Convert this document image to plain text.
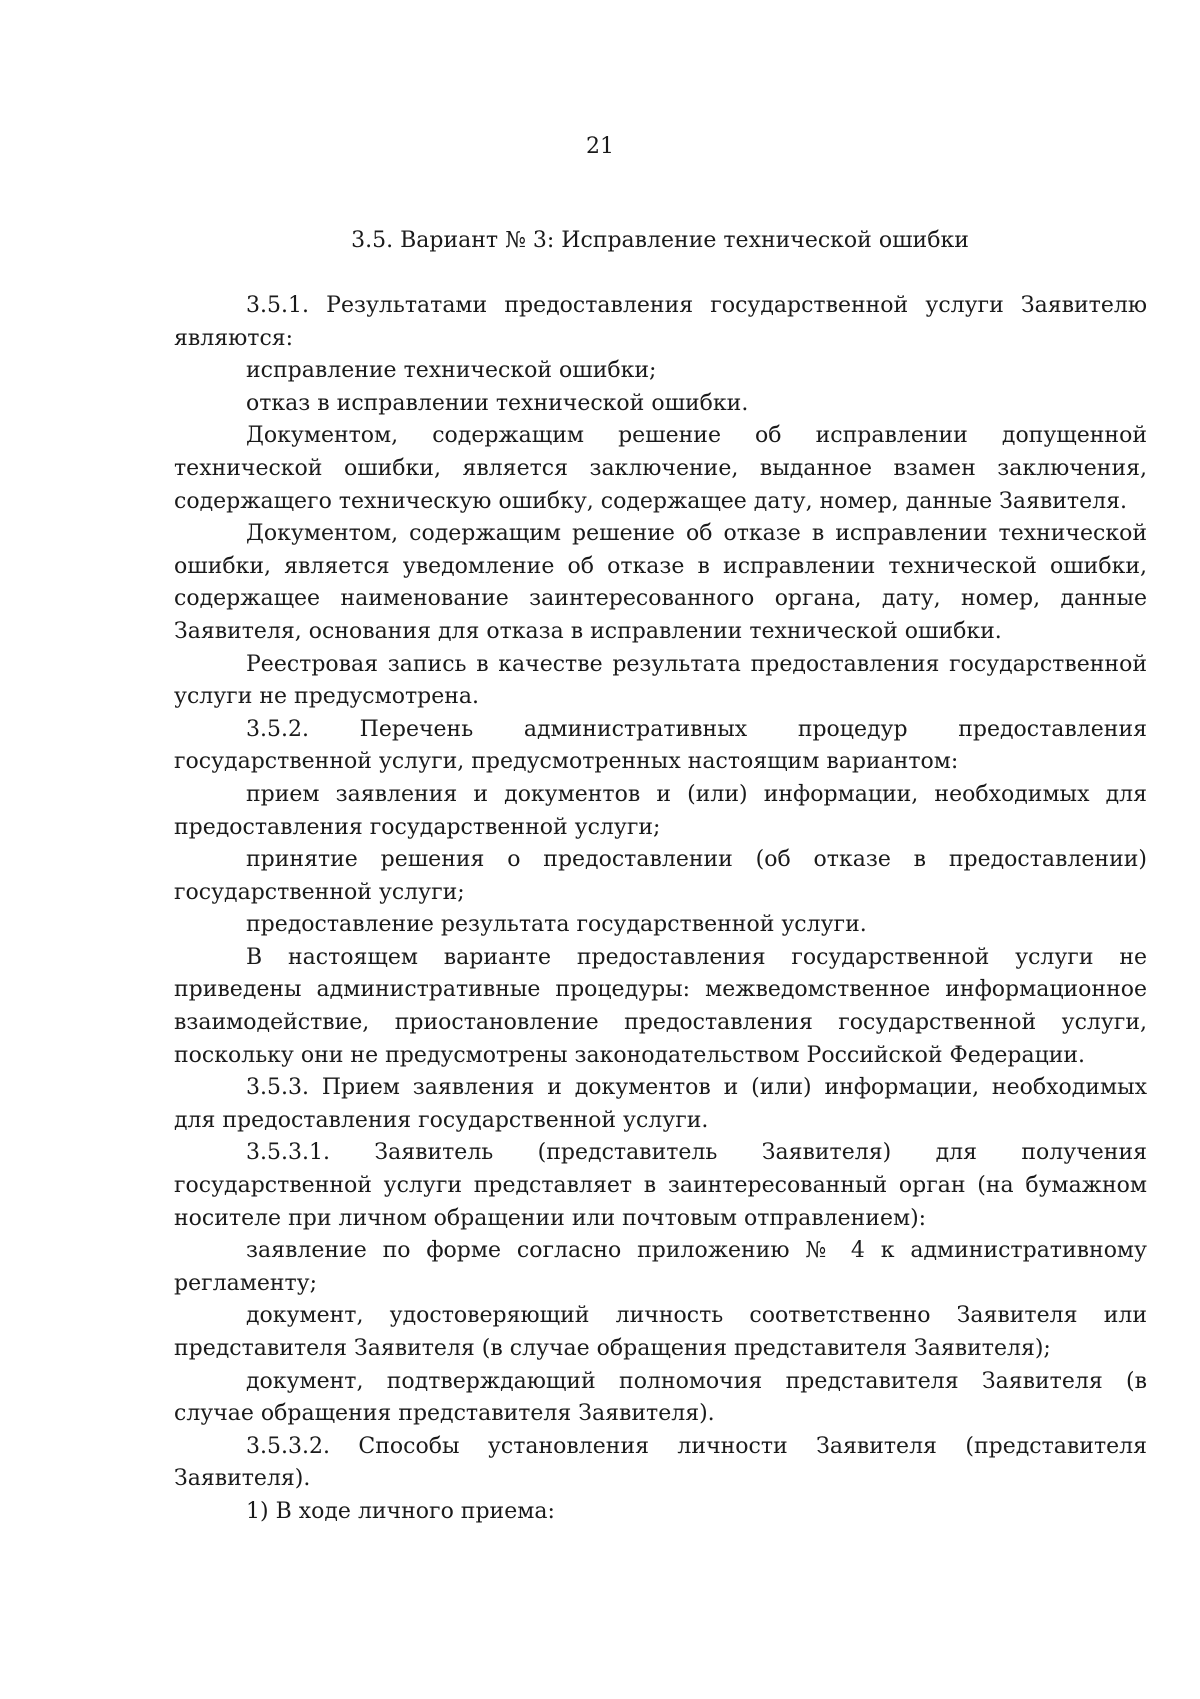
21
3.5. Вариант № 3: Исправление технической ошибки

3.5.1. Результатами предоставления государственной услуги Заявителю являются:

исправление технической ошибки;

отказ в исправлении технической ошибки.

Документом, содержащим решение об исправлении допущенной технической ошибки, является заключение, выданное взамен заключения, содержащего техническую ошибку, содержащее дату, номер, данные Заявителя.

Документом, содержащим решение об отказе в исправлении технической ошибки, является уведомление об отказе в исправлении технической ошибки, содержащее наименование заинтересованного органа, дату, номер, данные Заявителя, основания для отказа в исправлении технической ошибки.

Реестровая запись в качестве результата предоставления государственной услуги не предусмотрена.

3.5.2. Перечень административных процедур предоставления государственной услуги, предусмотренных настоящим вариантом:

прием заявления и документов и (или) информации, необходимых для предоставления государственной услуги;

принятие решения о предоставлении (об отказе в предоставлении) государственной услуги;

предоставление результата государственной услуги.

В настоящем варианте предоставления государственной услуги не приведены административные процедуры: межведомственное информационное взаимодействие, приостановление предоставления государственной услуги, поскольку они не предусмотрены законодательством Российской Федерации.

3.5.3. Прием заявления и документов и (или) информации, необходимых для предоставления государственной услуги.

3.5.3.1. Заявитель (представитель Заявителя) для получения государственной услуги представляет в заинтересованный орган (на бумажном носителе при личном обращении или почтовым отправлением):

заявление по форме согласно приложению № 4 к административному регламенту;

документ, удостоверяющий личность соответственно Заявителя или представителя Заявителя (в случае обращения представителя Заявителя);

документ, подтверждающий полномочия представителя Заявителя (в случае обращения представителя Заявителя).

3.5.3.2. Способы установления личности Заявителя (представителя Заявителя).

1) В ходе личного приема:
